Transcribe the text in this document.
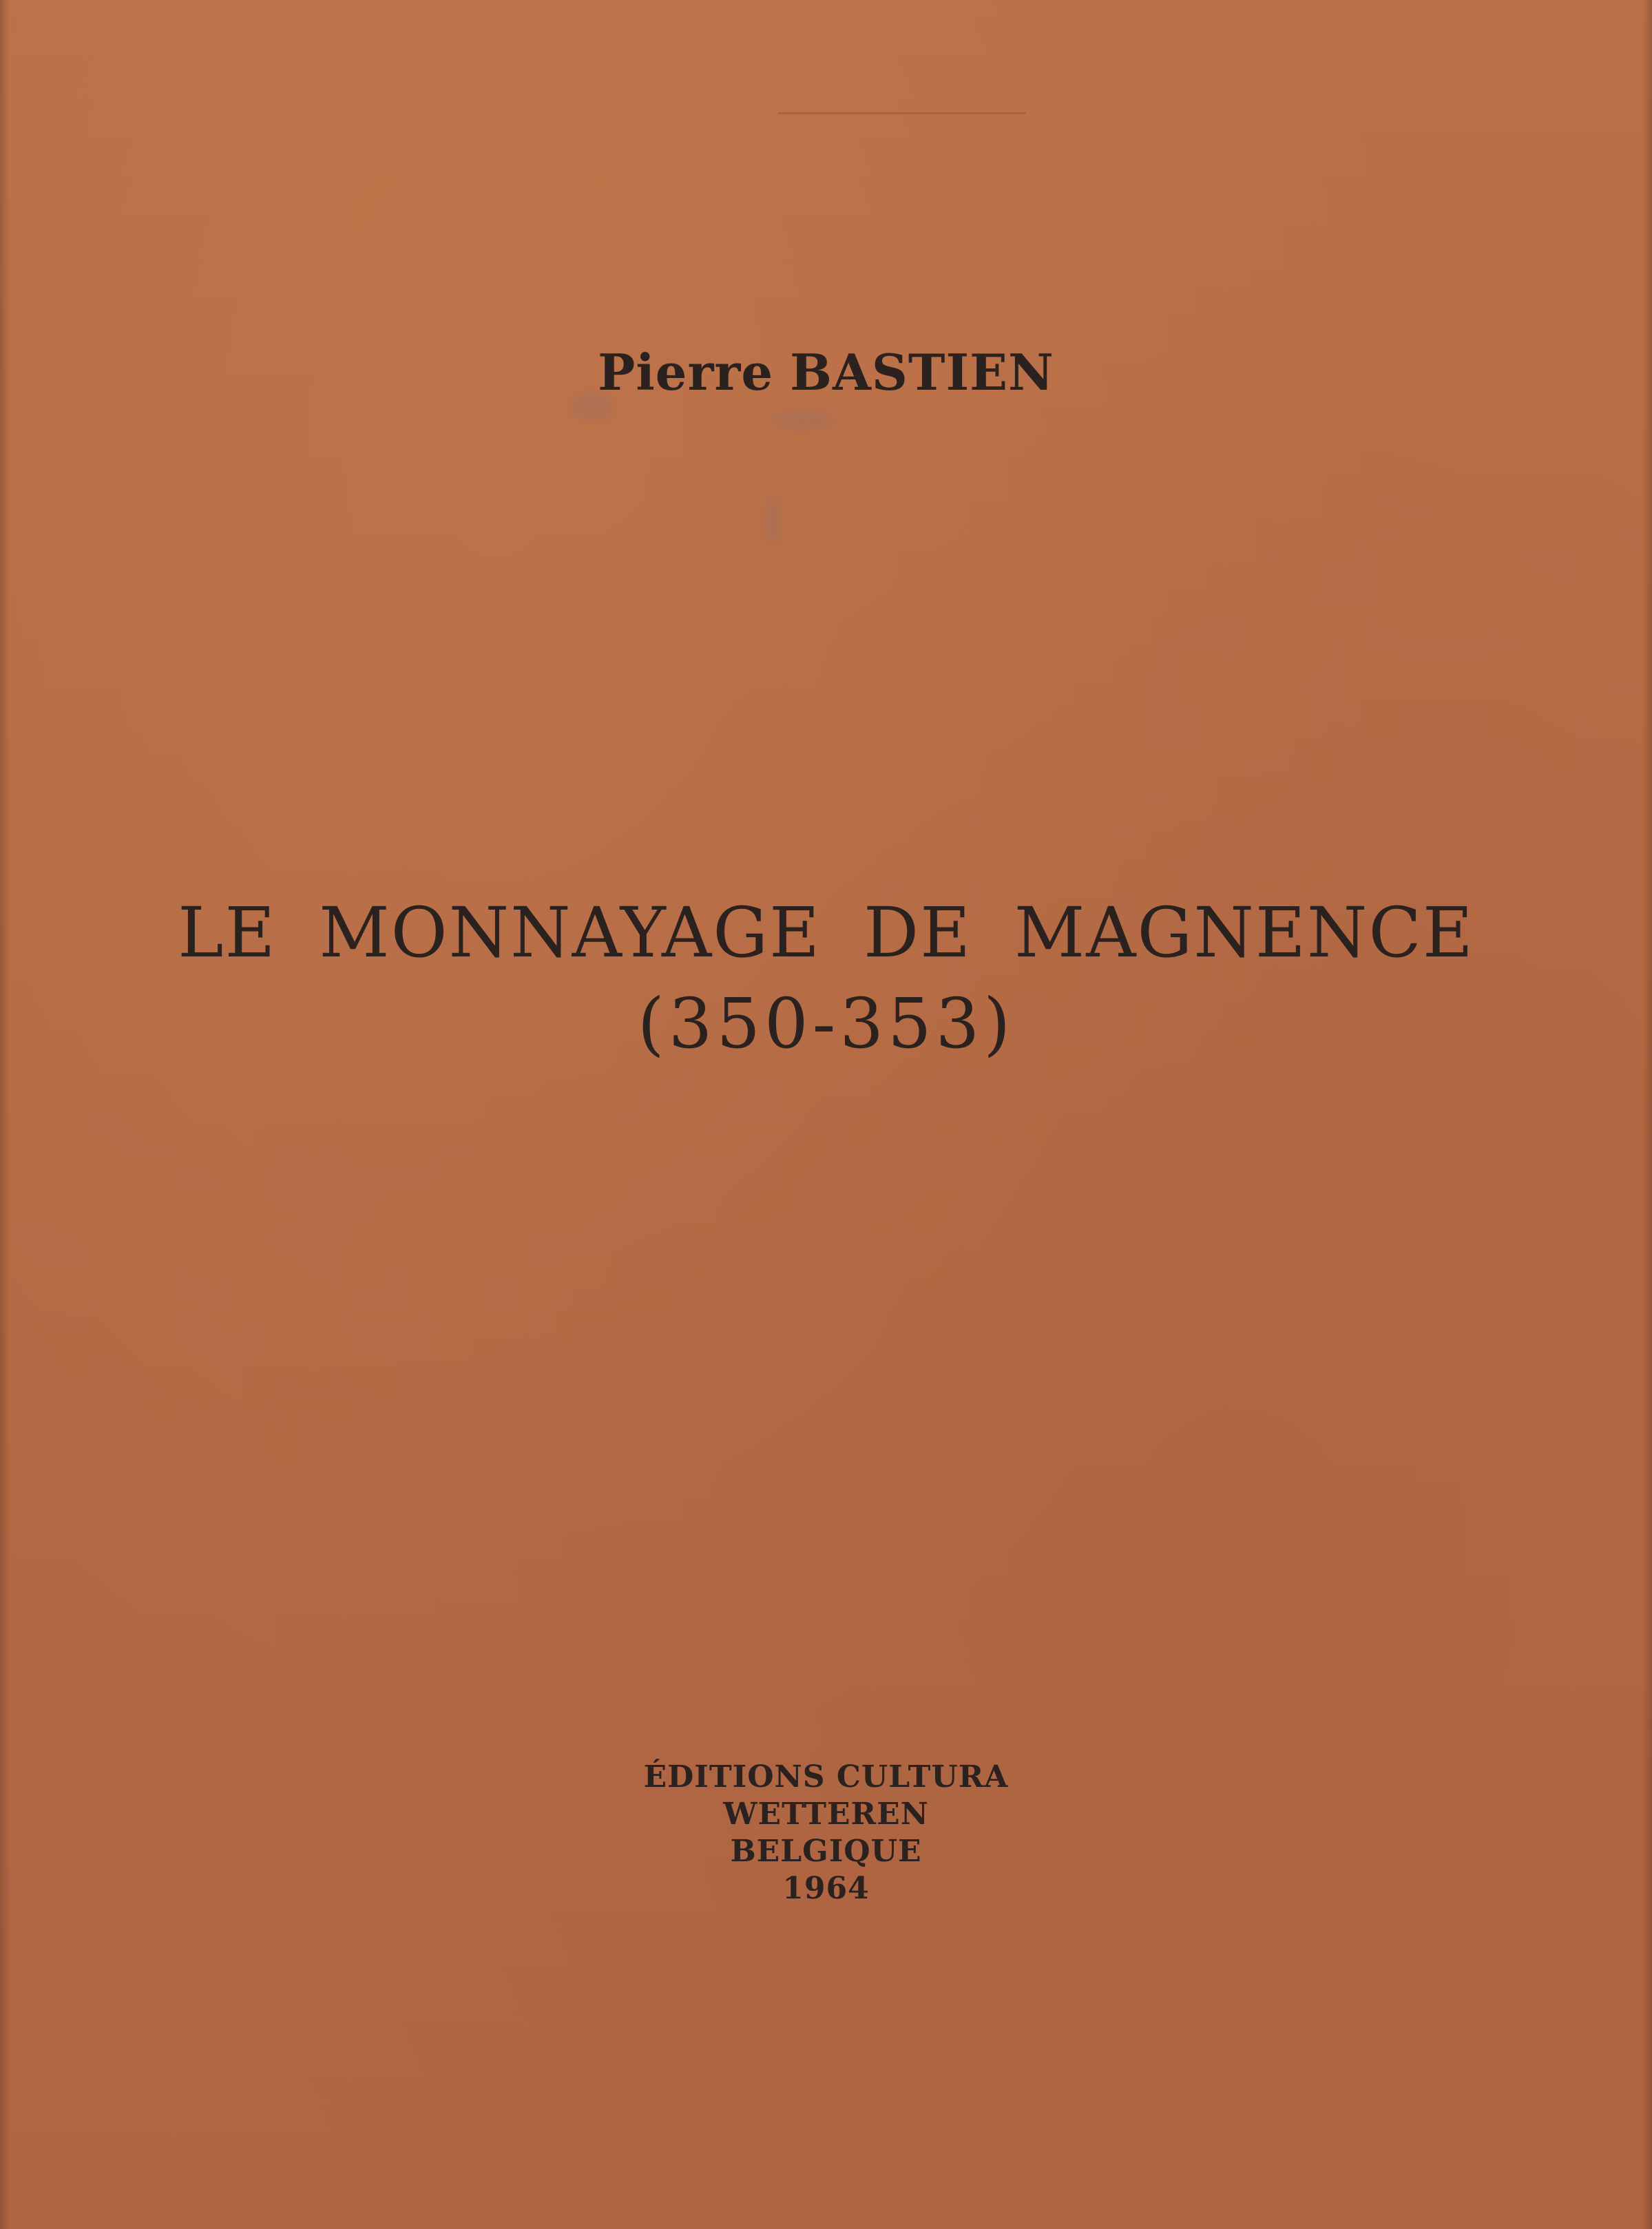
Pierre BASTIEN
LE MONNAYAGE DE MAGNENCE
(350-353)
ÉDITIONS CULTURA
WETTEREN
BELGIQUE
1964
